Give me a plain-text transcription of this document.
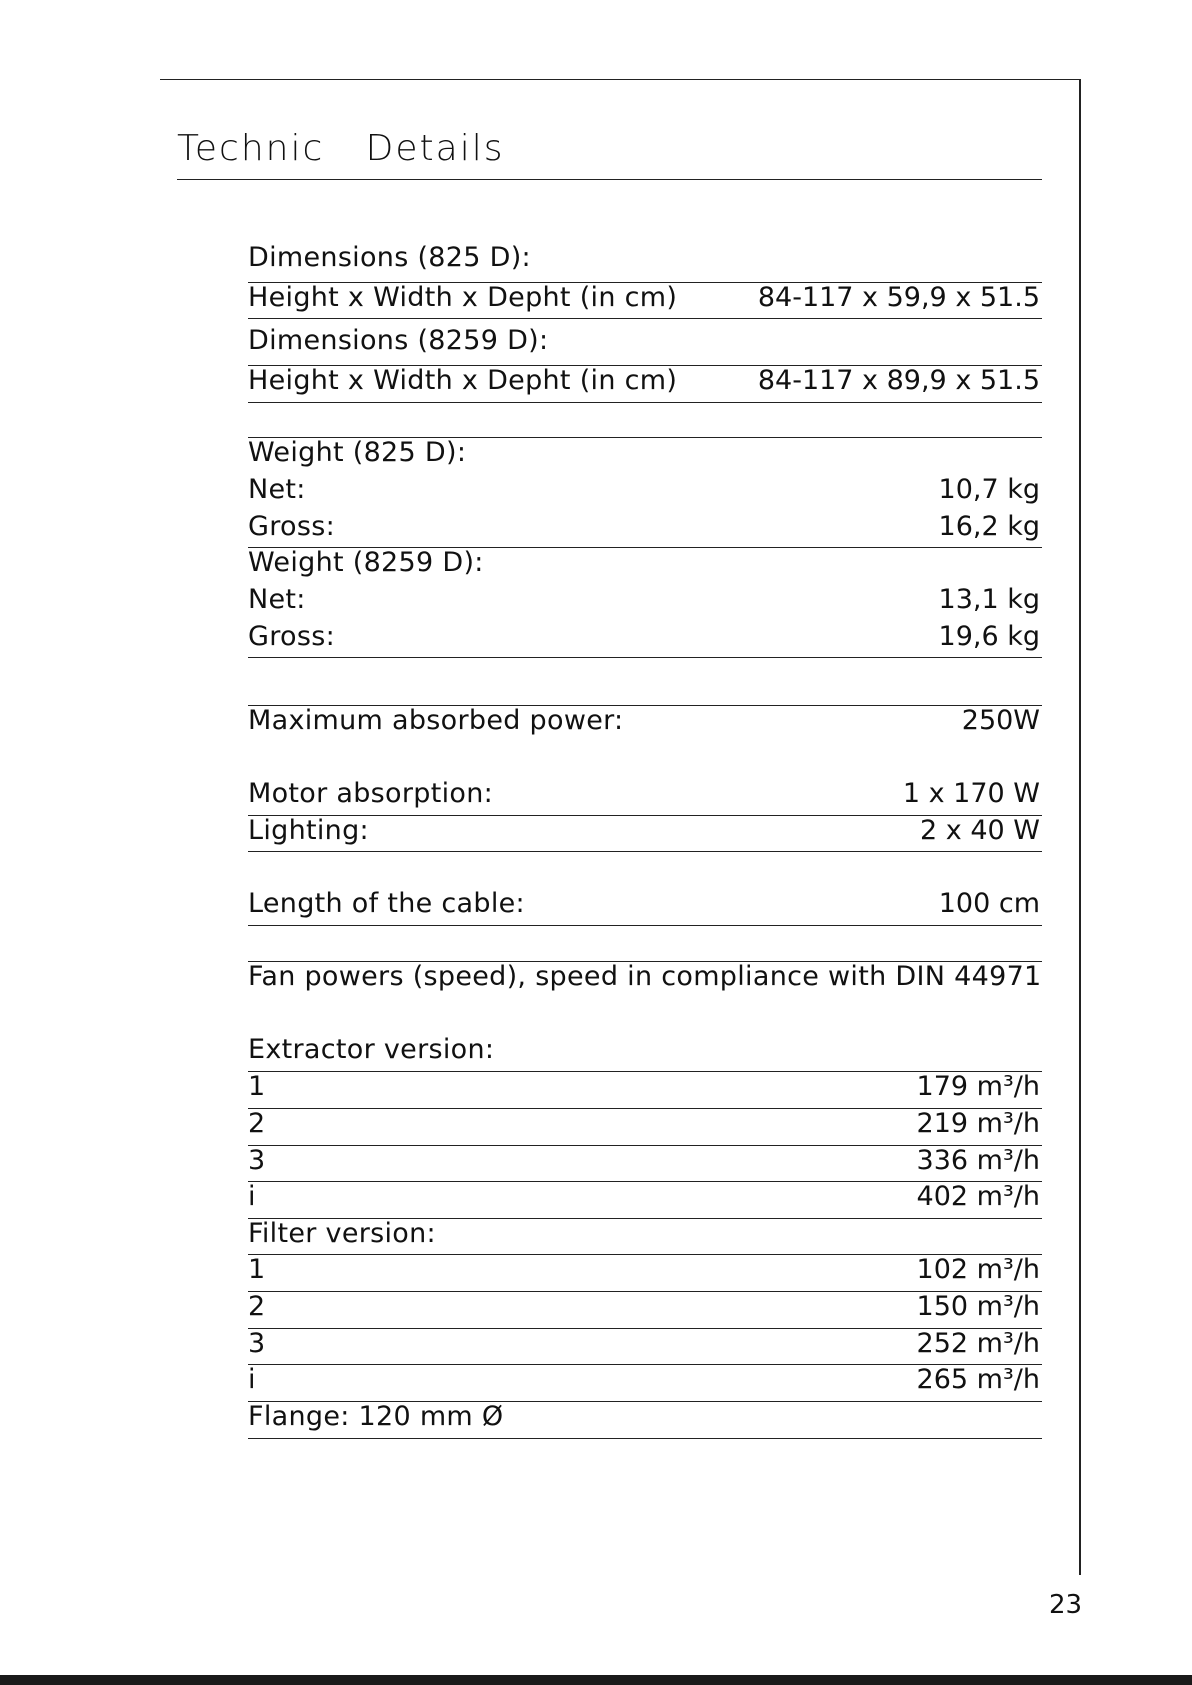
Technic Details
Dimensions (825 D):
Height x Width x Depht (in cm)	84-117 x 59,9 x 51.5
Dimensions (8259 D):
Height x Width x Depht (in cm)	84-117 x 89,9 x 51.5
Weight (825 D):
Net:	10,7 kg
Gross:	16,2 kg
Weight (8259 D):
Net:	13,1 kg
Gross:	19,6 kg
Maximum absorbed power:	250W
Motor absorption:	1 x 170 W
Lighting:	2 x 40 W
Length of the cable:	100 cm
Fan powers (speed), speed in compliance with DIN 44971
Extractor version:
1	179 m³/h
2	219 m³/h
3	336 m³/h
i	402 m³/h
Filter version:
1	102 m³/h
2	150 m³/h
3	252 m³/h
i	265 m³/h
Flange: 120 mm Ø
23
